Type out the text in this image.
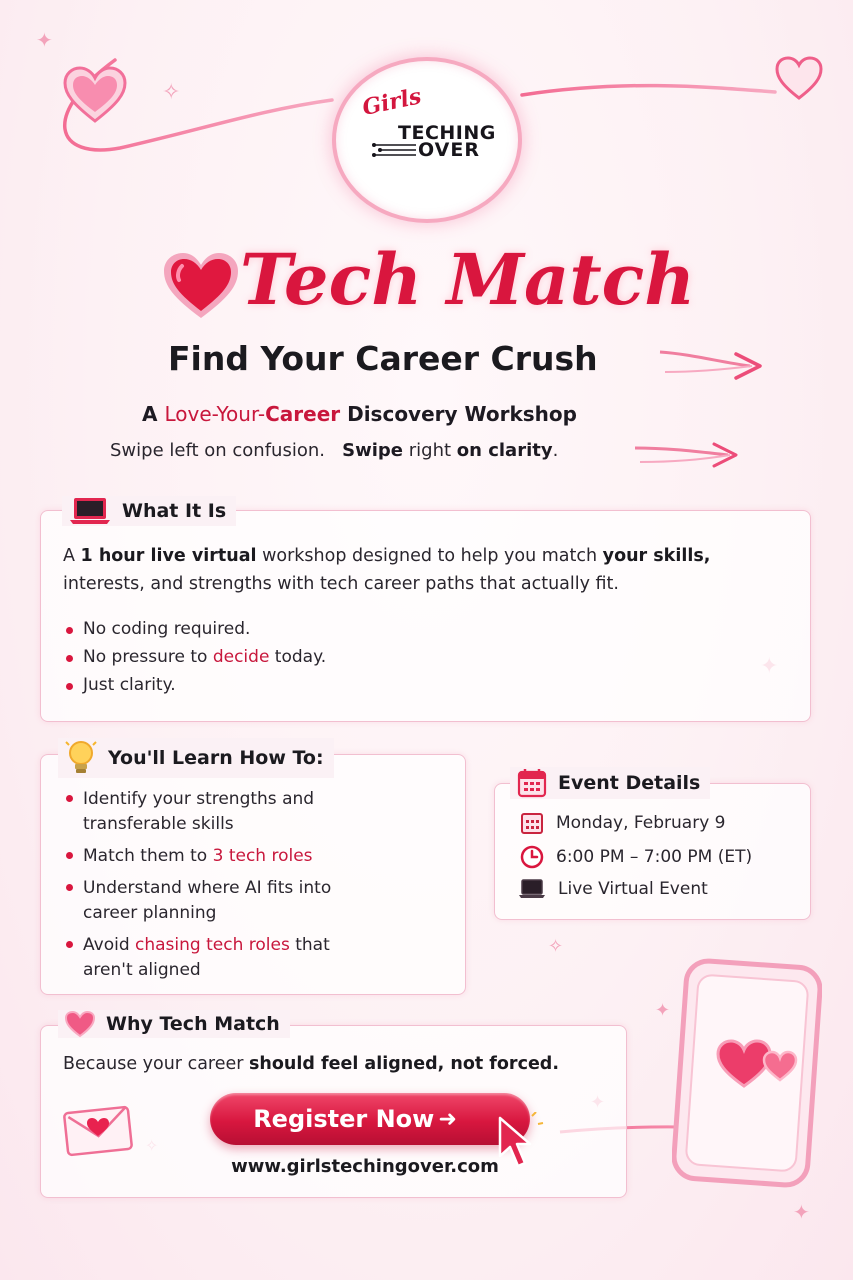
✦
✧
✧
✦
✦
Girls
TECHING
OVER
Tech Match
Find Your Career Crush
A Love-Your-Career Discovery Workshop
Swipe left on confusion. Swipe right on clarity.
A 1 hour live virtual workshop designed to help you match your skills,
interests, and strengths with tech career paths that actually fit.
No coding required.
No pressure to decide today.
Just clarity.
What It Is
Identify your strengths and transferable skills
Match them to 3 tech roles
Understand where AI fits into career planning
Avoid chasing tech roles that aren't aligned
You'll Learn How To:
Event Details
Monday, February 9
6:00 PM – 7:00 PM (ET)
Live Virtual Event
Because your career should feel aligned, not forced.
Why Tech Match
Register Now ➜
www.girlstechingover.com
